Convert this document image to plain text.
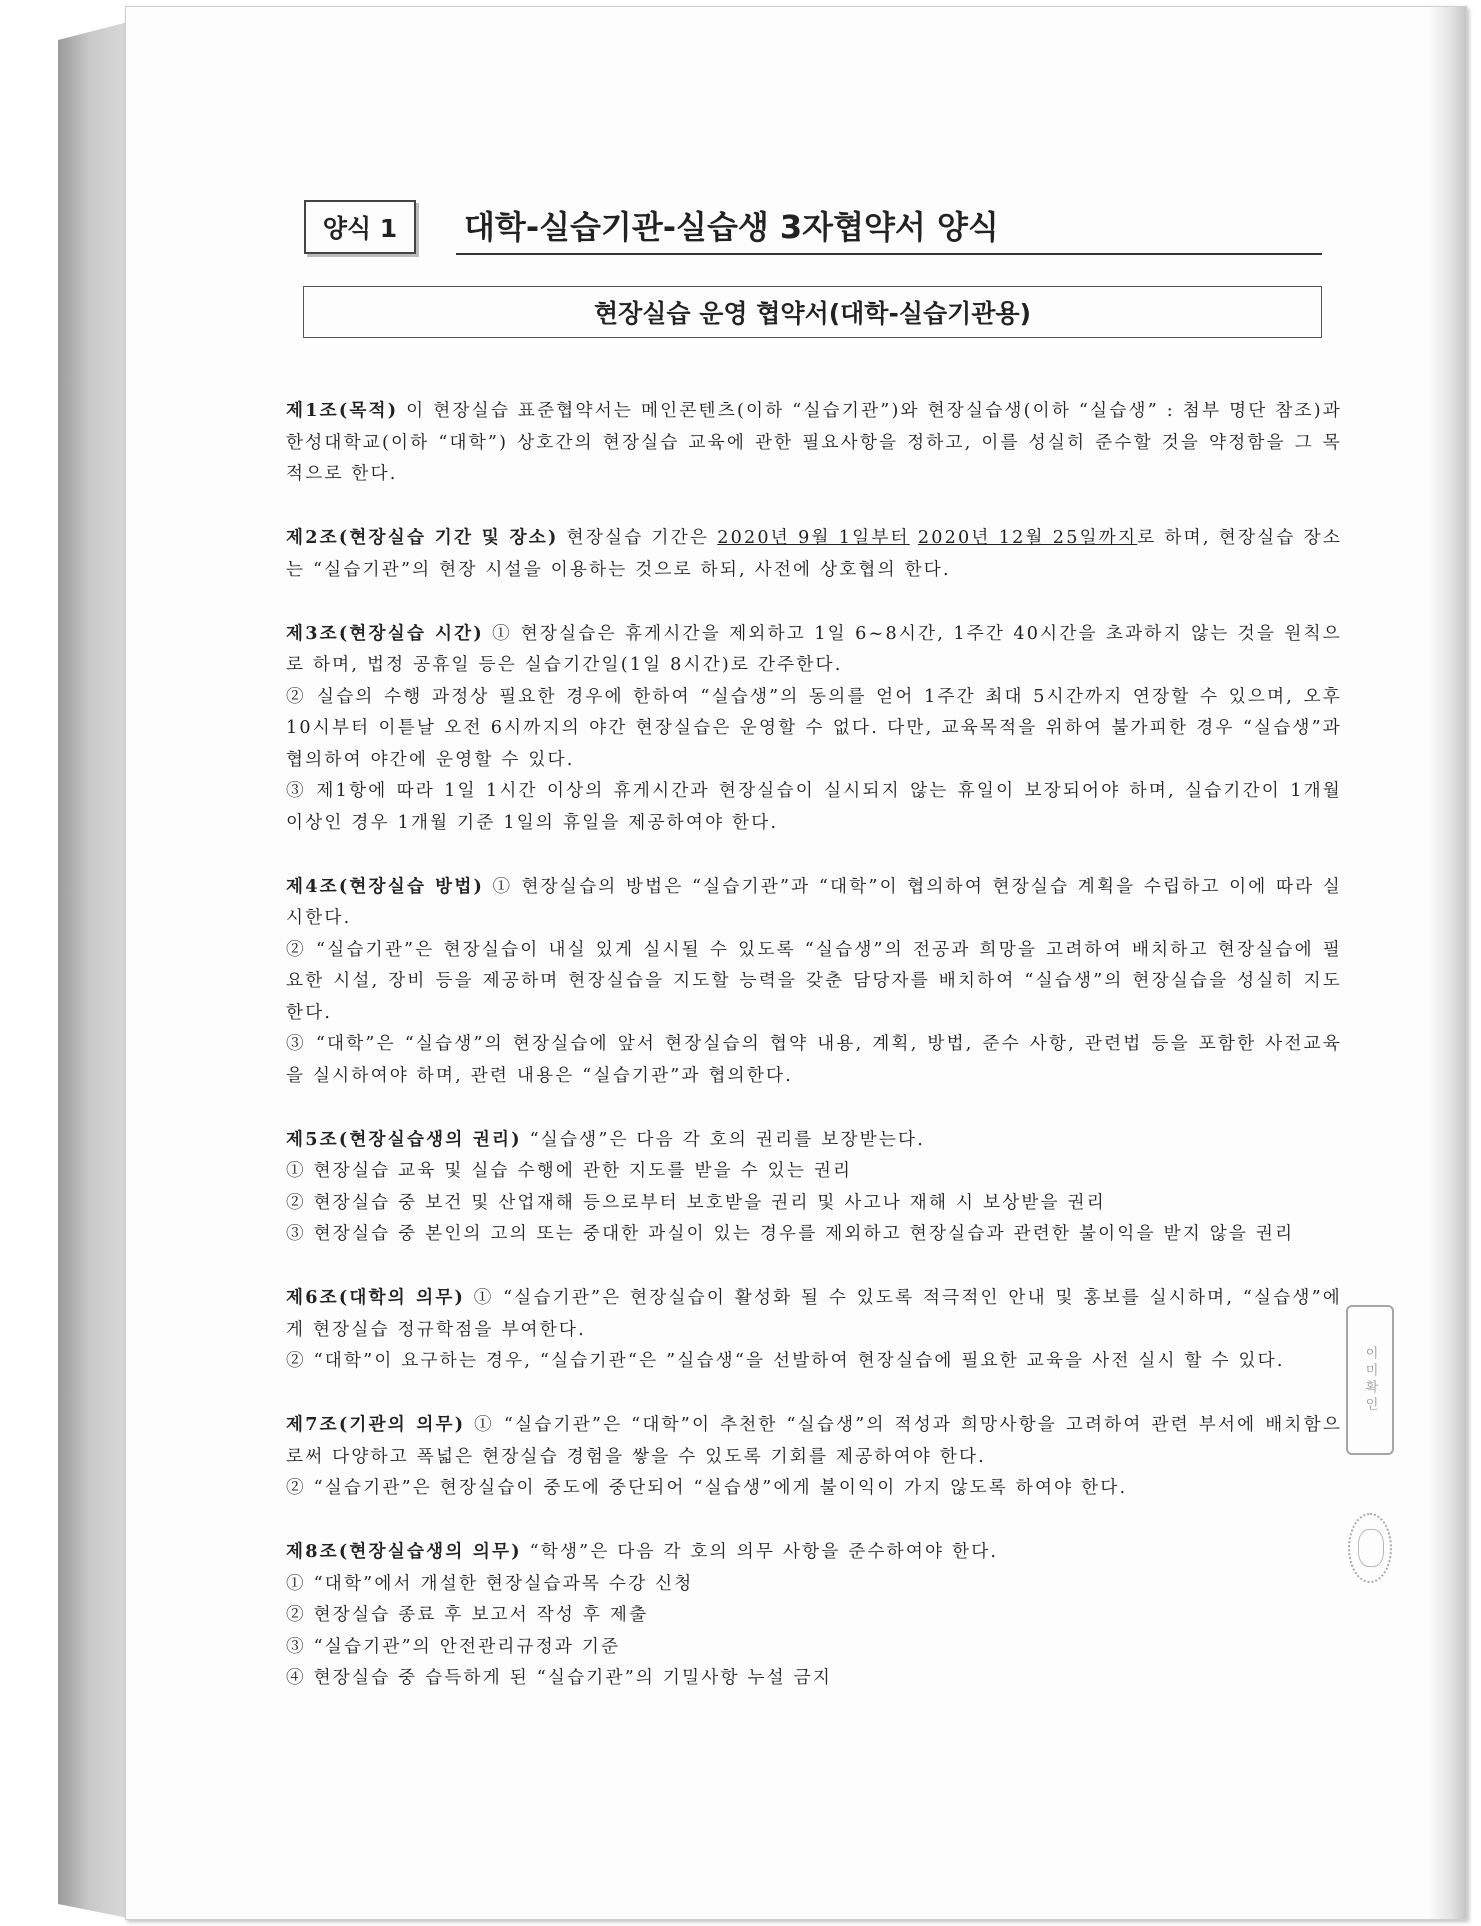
양식 1	대학-실습기관-실습생 3자협약서 양식
현장실습 운영 협약서(대학-실습기관용)
제1조(목적) 이 현장실습 표준협약서는 메인콘텐츠(이하 “실습기관”)와 현장실습생(이하 “실습생” : 첨부 명단 참조)과 한성대학교(이하 “대학”) 상호간의 현장실습 교육에 관한 필요사항을 정하고, 이를 성실히 준수할 것을 약정함을 그 목적으로 한다.
제2조(현장실습 기간 및 장소) 현장실습 기간은 2020년 9월 1일부터 2020년 12월 25일까지로 하며, 현장실습 장소는 “실습기관”의 현장 시설을 이용하는 것으로 하되, 사전에 상호협의 한다.
제3조(현장실습 시간) ① 현장실습은 휴게시간을 제외하고 1일 6~8시간, 1주간 40시간을 초과하지 않는 것을 원칙으로 하며, 법정 공휴일 등은 실습기간일(1일 8시간)로 간주한다.
② 실습의 수행 과정상 필요한 경우에 한하여 “실습생”의 동의를 얻어 1주간 최대 5시간까지 연장할 수 있으며, 오후 10시부터 이튿날 오전 6시까지의 야간 현장실습은 운영할 수 없다. 다만, 교육목적을 위하여 불가피한 경우 “실습생”과 협의하여 야간에 운영할 수 있다.
③ 제1항에 따라 1일 1시간 이상의 휴게시간과 현장실습이 실시되지 않는 휴일이 보장되어야 하며, 실습기간이 1개월 이상인 경우 1개월 기준 1일의 휴일을 제공하여야 한다.
제4조(현장실습 방법) ① 현장실습의 방법은 “실습기관”과 “대학”이 협의하여 현장실습 계획을 수립하고 이에 따라 실시한다.
② “실습기관”은 현장실습이 내실 있게 실시될 수 있도록 “실습생”의 전공과 희망을 고려하여 배치하고 현장실습에 필요한 시설, 장비 등을 제공하며 현장실습을 지도할 능력을 갖춘 담당자를 배치하여 “실습생”의 현장실습을 성실히 지도한다.
③ “대학”은 “실습생”의 현장실습에 앞서 현장실습의 협약 내용, 계획, 방법, 준수 사항, 관련법 등을 포함한 사전교육을 실시하여야 하며, 관련 내용은 “실습기관”과 협의한다.
제5조(현장실습생의 권리) “실습생”은 다음 각 호의 권리를 보장받는다.
① 현장실습 교육 및 실습 수행에 관한 지도를 받을 수 있는 권리
② 현장실습 중 보건 및 산업재해 등으로부터 보호받을 권리 및 사고나 재해 시 보상받을 권리
③ 현장실습 중 본인의 고의 또는 중대한 과실이 있는 경우를 제외하고 현장실습과 관련한 불이익을 받지 않을 권리
제6조(대학의 의무) ① “실습기관”은 현장실습이 활성화 될 수 있도록 적극적인 안내 및 홍보를 실시하며, “실습생”에게 현장실습 정규학점을 부여한다.
② “대학”이 요구하는 경우, “실습기관“은 ”실습생“을 선발하여 현장실습에 필요한 교육을 사전 실시 할 수 있다.
제7조(기관의 의무) ① “실습기관”은 “대학”이 추천한 “실습생”의 적성과 희망사항을 고려하여 관련 부서에 배치함으로써 다양하고 폭넓은 현장실습 경험을 쌓을 수 있도록 기회를 제공하여야 한다.
② “실습기관”은 현장실습이 중도에 중단되어 “실습생”에게 불이익이 가지 않도록 하여야 한다.
제8조(현장실습생의 의무) “학생”은 다음 각 호의 의무 사항을 준수하여야 한다.
① “대학”에서 개설한 현장실습과목 수강 신청
② 현장실습 종료 후 보고서 작성 후 제출
③ “실습기관”의 안전관리규정과 기준
④ 현장실습 중 습득하게 된 “실습기관”의 기밀사항 누설 금지
이미확인
